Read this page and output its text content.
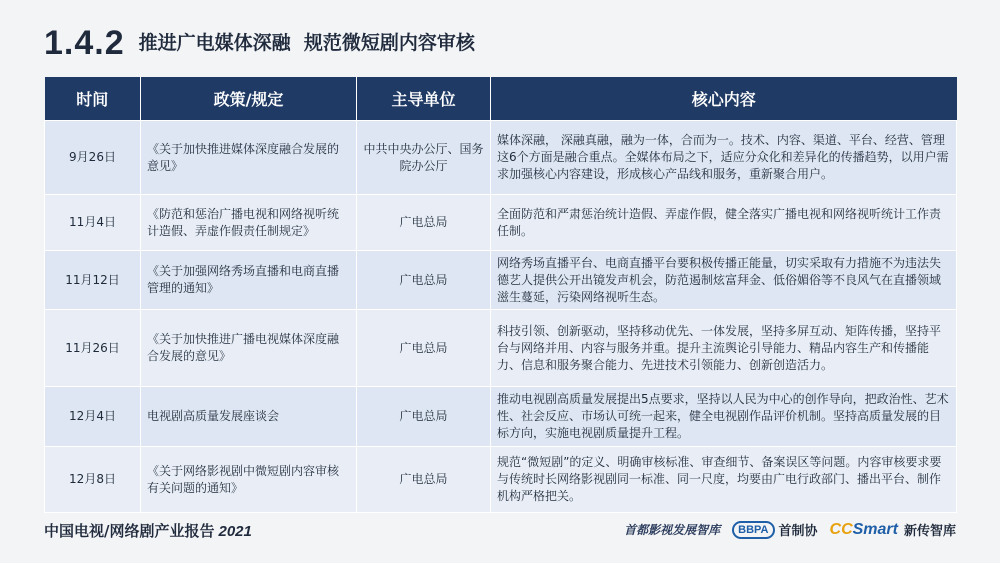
1.4.2 推进广电媒体深融  规范微短剧内容审核
时间	政策/规定	主导单位	核心内容
9月26日	《关于加快推进媒体深度融合发展的意见》	中共中央办公厅、国务院办公厅	媒体深融， 深融真融，融为一体，合而为一。技术、内容、渠道、平台、经营、管理这6个方面是融合重点。全媒体布局之下，适应分众化和差异化的传播趋势，以用户需求加强核心内容建设，形成核心产品线和服务，重新聚合用户。
11月4日	《防范和惩治广播电视和网络视听统计造假、弄虚作假责任制规定》	广电总局	全面防范和严肃惩治统计造假、弄虚作假，健全落实广播电视和网络视听统计工作责任制。
11月12日	《关于加强网络秀场直播和电商直播管理的通知》	广电总局	网络秀场直播平台、电商直播平台要积极传播正能量，切实采取有力措施不为违法失德艺人提供公开出镜发声机会，防范遏制炫富拜金、低俗媚俗等不良风气在直播领域滋生蔓延，污染网络视听生态。
11月26日	《关于加快推进广播电视媒体深度融合发展的意见》	广电总局	科技引领、创新驱动，坚持移动优先、一体发展，坚持多屏互动、矩阵传播，坚持平台与网络并用、内容与服务并重。提升主流舆论引导能力、精品内容生产和传播能力、信息和服务聚合能力、先进技术引领能力、创新创造活力。
12月4日	电视剧高质量发展座谈会	广电总局	推动电视剧高质量发展提出5点要求，坚持以人民为中心的创作导向，把政治性、艺术性、社会反应、市场认可统一起来，健全电视剧作品评价机制。坚持高质量发展的目标方向，实施电视剧质量提升工程。
12月8日	《关于网络影视剧中微短剧内容审核有关问题的通知》	广电总局	规范“微短剧”的定义、明确审核标准、审查细节、备案误区等问题。内容审核要求要与传统时长网络影视剧同一标准、同一尺度，均要由广电行政部门、播出平台、制作机构严格把关。
中国电视/网络剧产业报告 2021	首都影视发展智库	BBPA 首制协 CCSmart 新传智库
